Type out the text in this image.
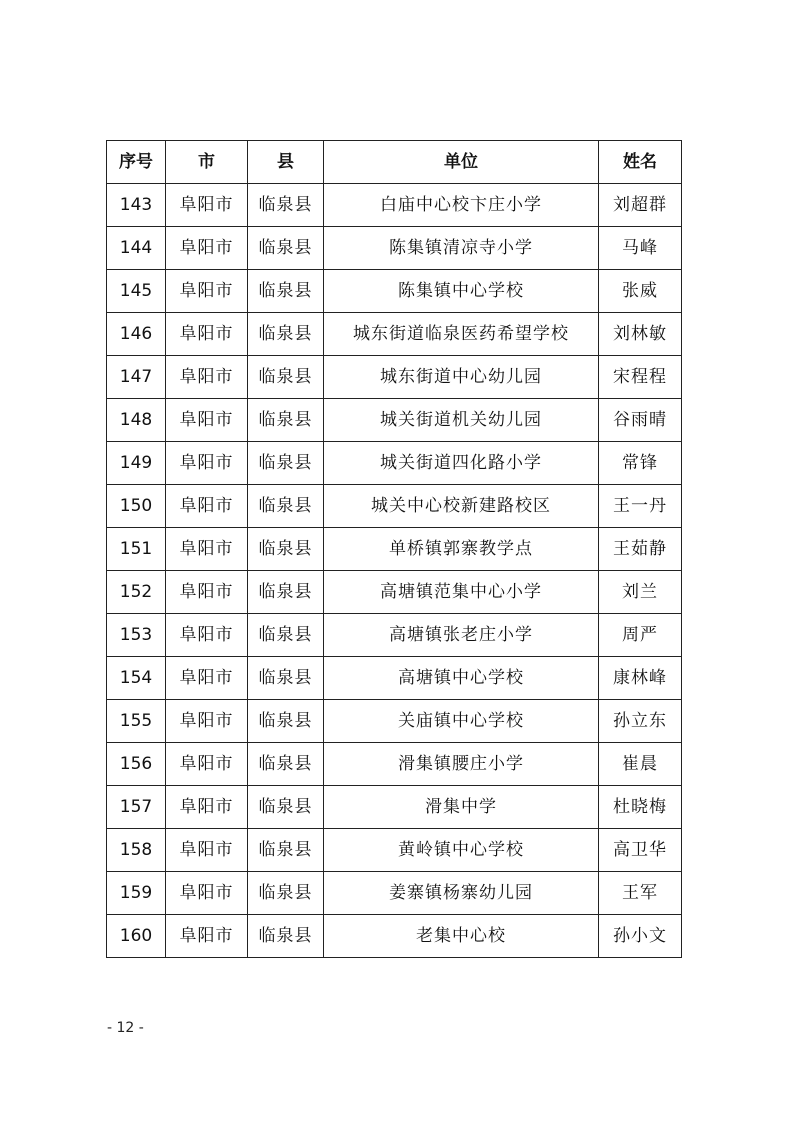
序号	市	县	单位	姓名
143	阜阳市	临泉县	白庙中心校卞庄小学	刘超群
144	阜阳市	临泉县	陈集镇清凉寺小学	马峰
145	阜阳市	临泉县	陈集镇中心学校	张威
146	阜阳市	临泉县	城东街道临泉医药希望学校	刘林敏
147	阜阳市	临泉县	城东街道中心幼儿园	宋程程
148	阜阳市	临泉县	城关街道机关幼儿园	谷雨晴
149	阜阳市	临泉县	城关街道四化路小学	常锋
150	阜阳市	临泉县	城关中心校新建路校区	王一丹
151	阜阳市	临泉县	单桥镇郭寨教学点	王茹静
152	阜阳市	临泉县	高塘镇范集中心小学	刘兰
153	阜阳市	临泉县	高塘镇张老庄小学	周严
154	阜阳市	临泉县	高塘镇中心学校	康林峰
155	阜阳市	临泉县	关庙镇中心学校	孙立东
156	阜阳市	临泉县	滑集镇腰庄小学	崔晨
157	阜阳市	临泉县	滑集中学	杜晓梅
158	阜阳市	临泉县	黄岭镇中心学校	高卫华
159	阜阳市	临泉县	姜寨镇杨寨幼儿园	王军
160	阜阳市	临泉县	老集中心校	孙小文
- 12 -
